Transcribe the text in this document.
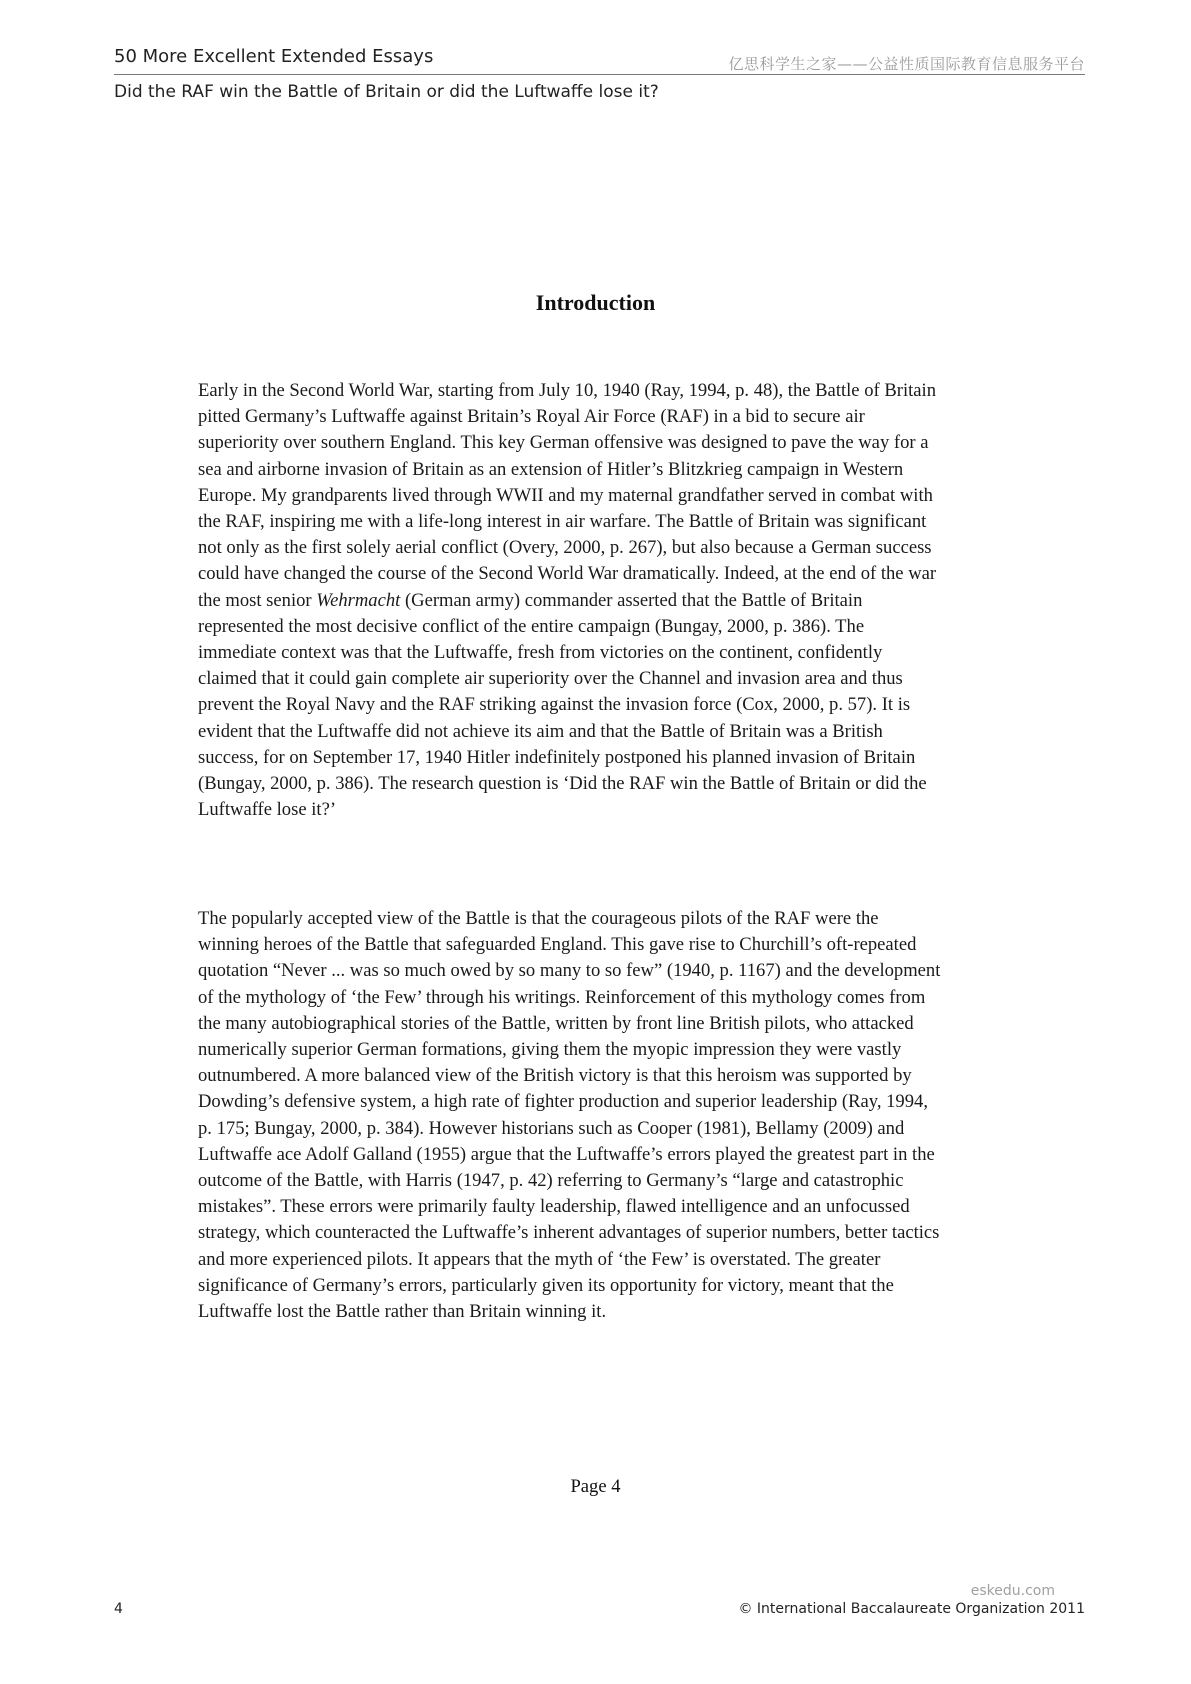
50 More Excellent Extended Essays	亿思科学生之家——公益性质国际教育信息服务平台
Did the RAF win the Battle of Britain or did the Luftwaffe lose it?
Introduction

Early in the Second World War, starting from July 10, 1940 (Ray, 1994, p. 48), the Battle of Britain pitted Germany’s Luftwaffe against Britain’s Royal Air Force (RAF) in a bid to secure air superiority over southern England. This key German offensive was designed to pave the way for a sea and airborne invasion of Britain as an extension of Hitler’s Blitzkrieg campaign in Western Europe. My grandparents lived through WWII and my maternal grandfather served in combat with the RAF, inspiring me with a life-long interest in air warfare. The Battle of Britain was significant not only as the first solely aerial conflict (Overy, 2000, p. 267), but also because a German success could have changed the course of the Second World War dramatically. Indeed, at the end of the war the most senior Wehrmacht (German army) commander asserted that the Battle of Britain represented the most decisive conflict of the entire campaign (Bungay, 2000, p. 386). The immediate context was that the Luftwaffe, fresh from victories on the continent, confidently claimed that it could gain complete air superiority over the Channel and invasion area and thus prevent the Royal Navy and the RAF striking against the invasion force (Cox, 2000, p. 57). It is evident that the Luftwaffe did not achieve its aim and that the Battle of Britain was a British success, for on September 17, 1940 Hitler indefinitely postponed his planned invasion of Britain (Bungay, 2000, p. 386). The research question is ‘Did the RAF win the Battle of Britain or did the Luftwaffe lose it?’

The popularly accepted view of the Battle is that the courageous pilots of the RAF were the winning heroes of the Battle that safeguarded England. This gave rise to Churchill’s oft-repeated quotation “Never ... was so much owed by so many to so few” (1940, p. 1167) and the development of the mythology of ‘the Few’ through his writings. Reinforcement of this mythology comes from the many autobiographical stories of the Battle, written by front line British pilots, who attacked numerically superior German formations, giving them the myopic impression they were vastly outnumbered. A more balanced view of the British victory is that this heroism was supported by Dowding’s defensive system, a high rate of fighter production and superior leadership (Ray, 1994, p. 175; Bungay, 2000, p. 384). However historians such as Cooper (1981), Bellamy (2009) and Luftwaffe ace Adolf Galland (1955) argue that the Luftwaffe’s errors played the greatest part in the outcome of the Battle, with Harris (1947, p. 42) referring to Germany’s “large and catastrophic mistakes”. These errors were primarily faulty leadership, flawed intelligence and an unfocussed strategy, which counteracted the Luftwaffe’s inherent advantages of superior numbers, better tactics and more experienced pilots. It appears that the myth of ‘the Few’ is overstated. The greater significance of Germany’s errors, particularly given its opportunity for victory, meant that the Luftwaffe lost the Battle rather than Britain winning it.

Page 4
eskedu.com
4	© International Baccalaureate Organization 2011
